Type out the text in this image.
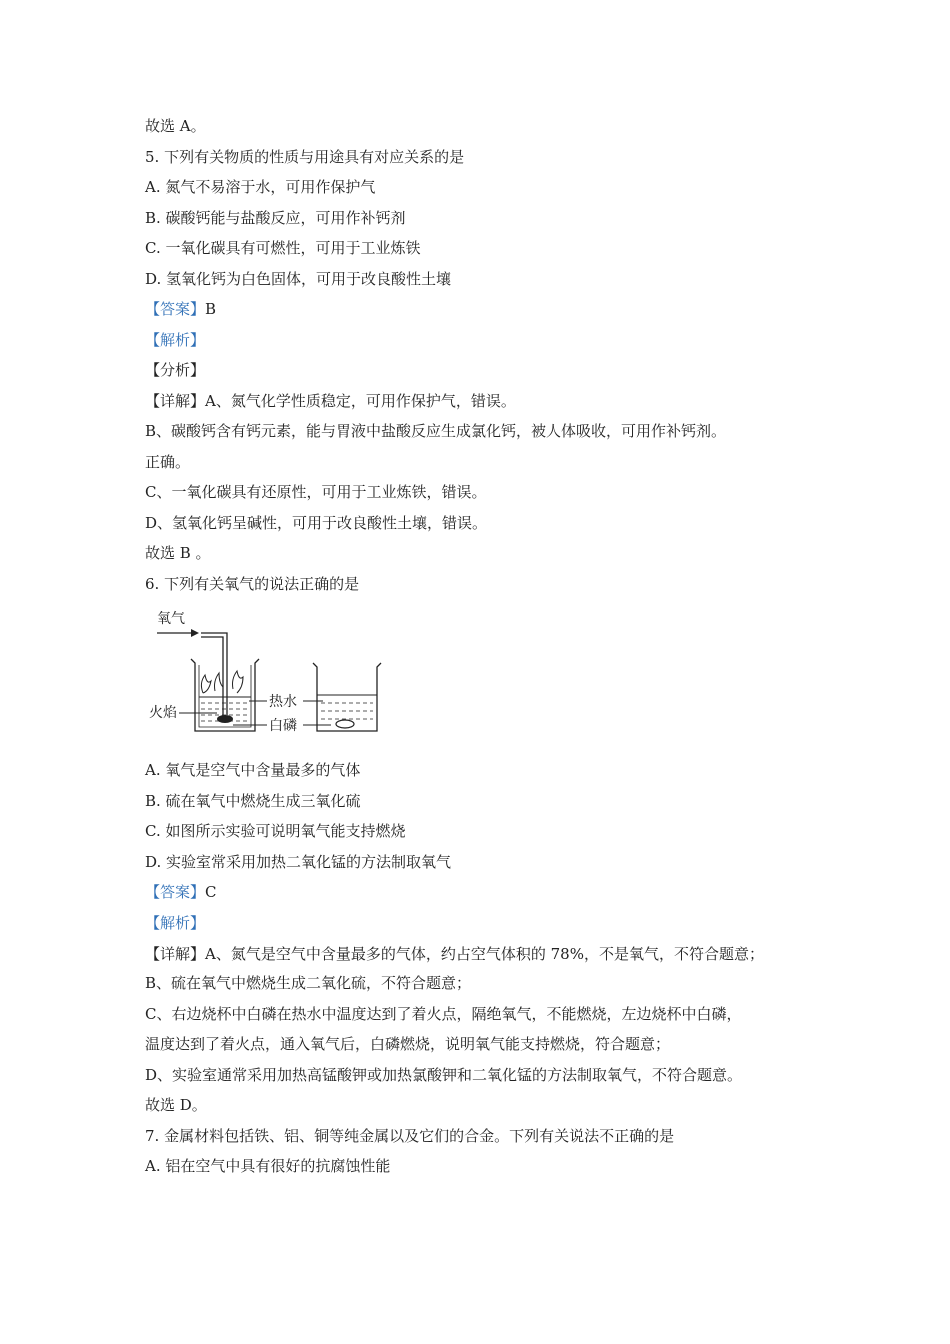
故选 A。
5. 下列有关物质的性质与用途具有对应关系的是
A. 氮气不易溶于水，可用作保护气
B. 碳酸钙能与盐酸反应，可用作补钙剂
C. 一氧化碳具有可燃性，可用于工业炼铁
D. 氢氧化钙为白色固体，可用于改良酸性土壤
【答案】B
【解析】
【分析】
【详解】A、氮气化学性质稳定，可用作保护气，错误。
B、碳酸钙含有钙元素，能与胃液中盐酸反应生成氯化钙，被人体吸收，可用作补钙剂。
正确。
C、一氧化碳具有还原性，可用于工业炼铁，错误。
D、氢氧化钙呈碱性，可用于改良酸性土壤，错误。
故选 B 。
6. 下列有关氧气的说法正确的是
氧气
火焰
热水
白磷
A. 氧气是空气中含量最多的气体
B. 硫在氧气中燃烧生成三氧化硫
C. 如图所示实验可说明氧气能支持燃烧
D. 实验室常采用加热二氧化锰的方法制取氧气
【答案】C
【解析】
【详解】A、氮气是空气中含量最多的气体，约占空气体积的 78%，不是氧气，不符合题意；
B、硫在氧气中燃烧生成二氧化硫，不符合题意；
C、右边烧杯中白磷在热水中温度达到了着火点，隔绝氧气，不能燃烧，左边烧杯中白磷，
温度达到了着火点，通入氧气后，白磷燃烧，说明氧气能支持燃烧，符合题意；
D、实验室通常采用加热高锰酸钾或加热氯酸钾和二氧化锰的方法制取氧气，不符合题意。
故选 D。
7. 金属材料包括铁、铝、铜等纯金属以及它们的合金。下列有关说法不正确的是
A. 铝在空气中具有很好的抗腐蚀性能
